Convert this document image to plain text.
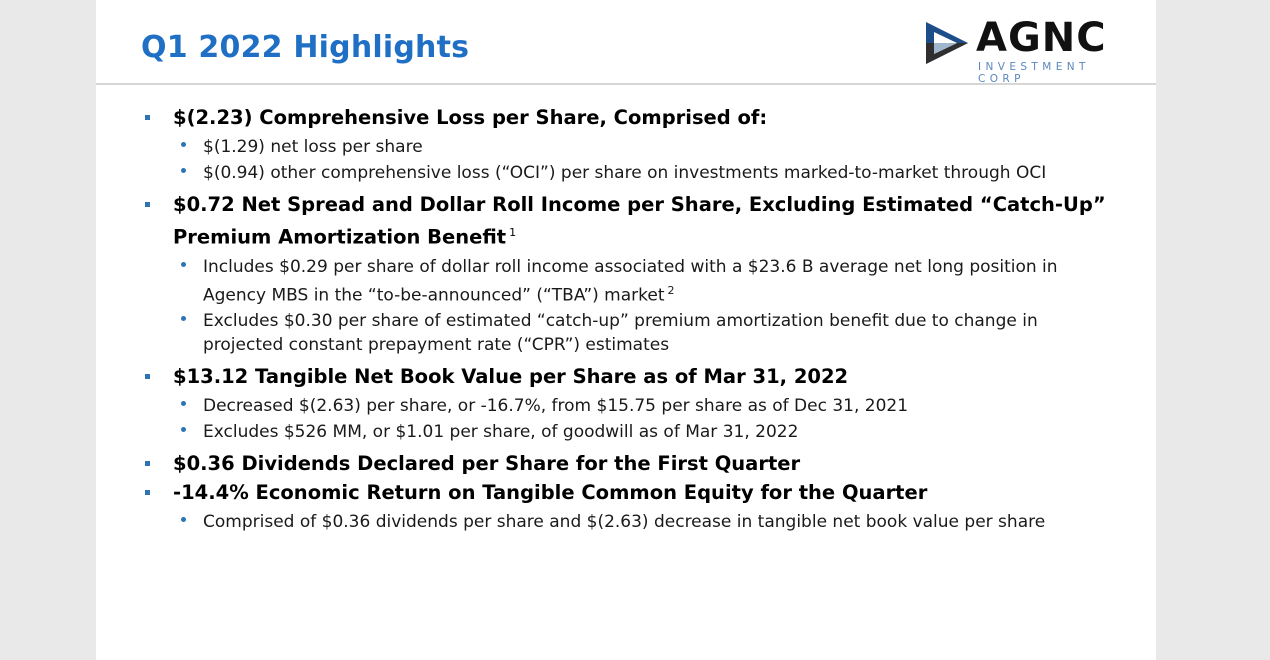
Q1 2022 Highlights	AGNC
INVESTMENT CORP
$(2.23) Comprehensive Loss per Share, Comprised of:
$(1.29) net loss per share
$(0.94) other comprehensive loss (“OCI”) per share on investments marked-to-market through OCI
$0.72 Net Spread and Dollar Roll Income per Share, Excluding Estimated “Catch-Up” Premium Amortization Benefit $^1$
Includes $0.29 per share of dollar roll income associated with a $23.6 B average net long position in Agency MBS in the “to-be-announced” (“TBA”) market $^2$
Excludes $0.30 per share of estimated “catch-up” premium amortization benefit due to change in projected constant prepayment rate (“CPR”) estimates
$13.12 Tangible Net Book Value per Share as of Mar 31, 2022
Decreased $(2.63) per share, or -16.7%, from $15.75 per share as of Dec 31, 2021
Excludes $526 MM, or $1.01 per share, of goodwill as of Mar 31, 2022
$0.36 Dividends Declared per Share for the First Quarter
-14.4% Economic Return on Tangible Common Equity for the Quarter
Comprised of $0.36 dividends per share and $(2.63) decrease in tangible net book value per share
